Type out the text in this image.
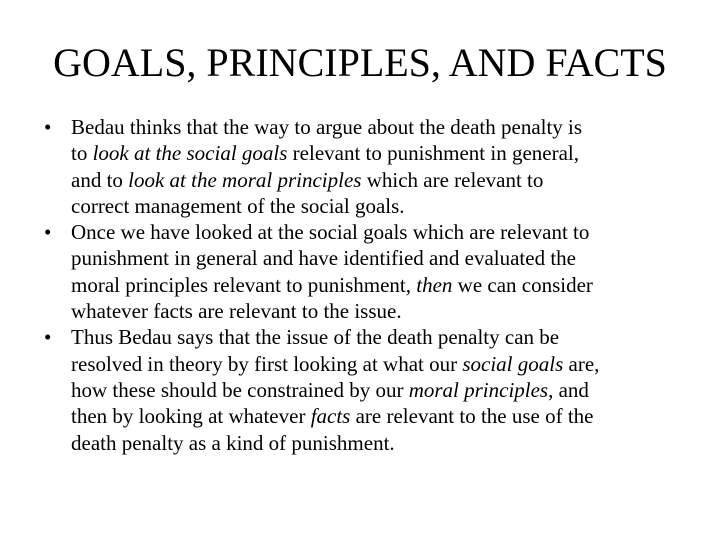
GOALS, PRINCIPLES, AND FACTS
• Bedau thinks that the way to argue about the death penalty is
to look at the social goals relevant to punishment in general,
and to look at the moral principles which are relevant to
correct management of the social goals.
• Once we have looked at the social goals which are relevant to
punishment in general and have identified and evaluated the
moral principles relevant to punishment, then we can consider
whatever facts are relevant to the issue.
• Thus Bedau says that the issue of the death penalty can be
resolved in theory by first looking at what our social goals are,
how these should be constrained by our moral principles, and
then by looking at whatever facts are relevant to the use of the
death penalty as a kind of punishment.
